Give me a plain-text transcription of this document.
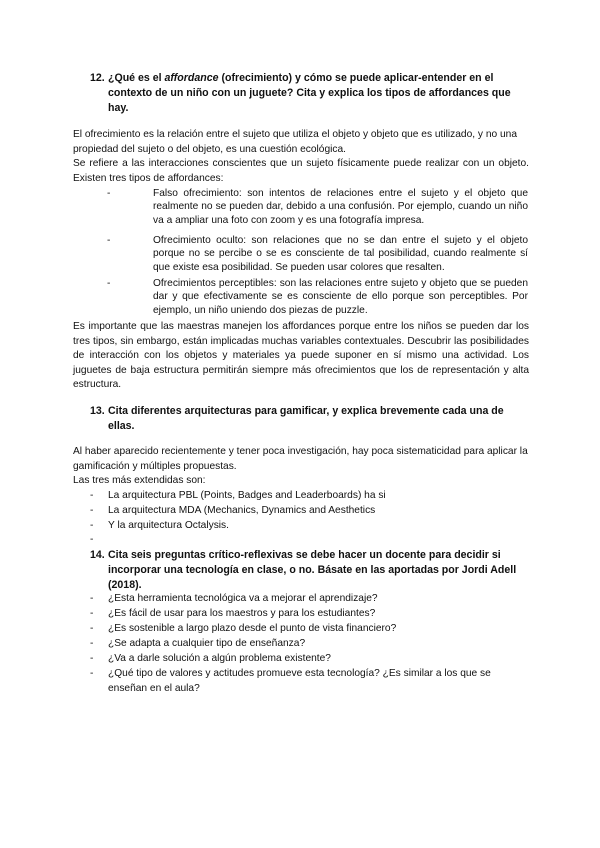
12. ¿Qué es el affordance (ofrecimiento) y cómo se puede aplicar-entender en el contexto de un niño con un juguete? Cita y explica los tipos de affordances que hay.
El ofrecimiento es la relación entre el sujeto que utiliza el objeto y objeto que es utilizado, y no una propiedad del sujeto o del objeto, es una cuestión ecológica.
Se refiere a las interacciones conscientes que un sujeto físicamente puede realizar con un objeto. Existen tres tipos de affordances:
-	Falso ofrecimiento: son intentos de relaciones entre el sujeto y el objeto que realmente no se pueden dar, debido a una confusión. Por ejemplo, cuando un niño va a ampliar una foto con zoom y es una fotografía impresa.
-	Ofrecimiento oculto: son relaciones que no se dan entre el sujeto y el objeto porque no se percibe o se es consciente de tal posibilidad, cuando realmente sí que existe esa posibilidad. Se pueden usar colores que resalten.
-	Ofrecimientos perceptibles: son las relaciones entre sujeto y objeto que se pueden dar y que efectivamente se es consciente de ello porque son perceptibles. Por ejemplo, un niño uniendo dos piezas de puzzle.
Es importante que las maestras manejen los affordances porque entre los niños se pueden dar los tres tipos, sin embargo, están implicadas muchas variables contextuales. Descubrir las posibilidades de interacción con los objetos y materiales ya puede suponer en sí mismo una actividad. Los juguetes de baja estructura permitirán siempre más ofrecimientos que los de representación y alta estructura.
13. Cita diferentes arquitecturas para gamificar, y explica brevemente cada una de ellas.
Al haber aparecido recientemente y tener poca investigación, hay poca sistematicidad para aplicar la gamificación y múltiples propuestas.
Las tres más extendidas son:
- La arquitectura PBL (Points, Badges and Leaderboards) ha si
- La arquitectura MDA (Mechanics, Dynamics and Aesthetics
- Y la arquitectura Octalysis.
-
14. Cita seis preguntas crítico-reflexivas se debe hacer un docente para decidir si incorporar una tecnología en clase, o no. Básate en las aportadas por Jordi Adell (2018).
- ¿Esta herramienta tecnológica va a mejorar el aprendizaje?
- ¿Es fácil de usar para los maestros y para los estudiantes?
- ¿Es sostenible a largo plazo desde el punto de vista financiero?
- ¿Se adapta a cualquier tipo de enseñanza?
- ¿Va a darle solución a algún problema existente?
- ¿Qué tipo de valores y actitudes promueve esta tecnología? ¿Es similar a los que se enseñan en el aula?
